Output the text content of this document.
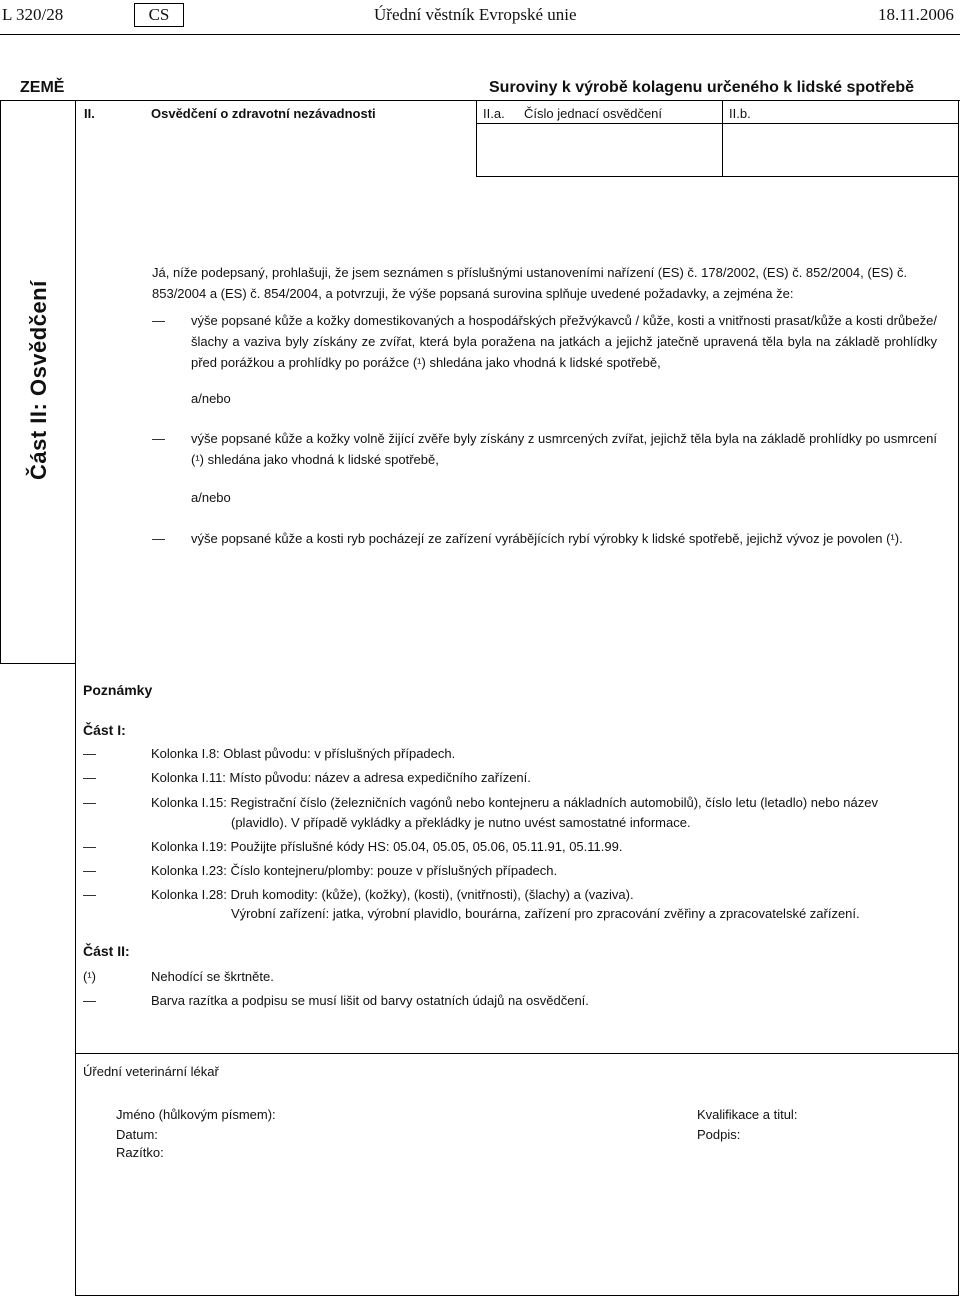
L 320/28	CS	Úřední věstník Evropské unie	18.11.2006
ZEMĚ	Suroviny k výrobě kolagenu určeného k lidské spotřebě
II.	Osvědčení o zdravotní nezávadnosti	II.a. Číslo jednací osvědčení	II.b.
Část II: Osvědčení
Já, níže podepsaný, prohlašuji, že jsem seznámen s příslušnými ustanoveními nařízení (ES) č. 178/2002, (ES) č. 852/2004, (ES) č. 853/2004 a (ES) č. 854/2004, a potvrzuji, že výše popsaná surovina splňuje uvedené požadavky, a zejména že:
— výše popsané kůže a kožky domestikovaných a hospodářských přežvýkavců / kůže, kosti a vnitřnosti prasat/kůže a kosti drůbeže/ šlachy a vaziva byly získány ze zvířat, která byla poražena na jatkách a jejichž jatečně upravená těla byla na základě prohlídky před porážkou a prohlídky po porážce (¹) shledána jako vhodná k lidské spotřebě,
a/nebo
— výše popsané kůže a kožky volně žijící zvěře byly získány z usmrcených zvířat, jejichž těla byla na základě prohlídky po usmrcení (¹) shledána jako vhodná k lidské spotřebě,
a/nebo
— výše popsané kůže a kosti ryb pocházejí ze zařízení vyrábějících rybí výrobky k lidské spotřebě, jejichž vývoz je povolen (¹).
Poznámky
Část I:
—	Kolonka I.8: Oblast původu: v příslušných případech.
—	Kolonka I.11: Místo původu: název a adresa expedičního zařízení.
—	Kolonka I.15: Registrační číslo (železničních vagónů nebo kontejneru a nákladních automobilů), číslo letu (letadlo) nebo název
(plavidlo). V případě vykládky a překládky je nutno uvést samostatné informace.
—	Kolonka I.19: Použijte příslušné kódy HS: 05.04, 05.05, 05.06, 05.11.91, 05.11.99.
—	Kolonka I.23: Číslo kontejneru/plomby: pouze v příslušných případech.
—	Kolonka I.28: Druh komodity: (kůže), (kožky), (kosti), (vnitřnosti), (šlachy) a (vaziva).
Výrobní zařízení: jatka, výrobní plavidlo, bourárna, zařízení pro zpracování zvěřiny a zpracovatelské zařízení.
Část II:
(¹)	Nehodící se škrtněte.
—	Barva razítka a podpisu se musí lišit od barvy ostatních údajů na osvědčení.
Úřední veterinární lékař
Jméno (hůlkovým písmem):
Datum:
Razítko:
Kvalifikace a titul:
Podpis:
